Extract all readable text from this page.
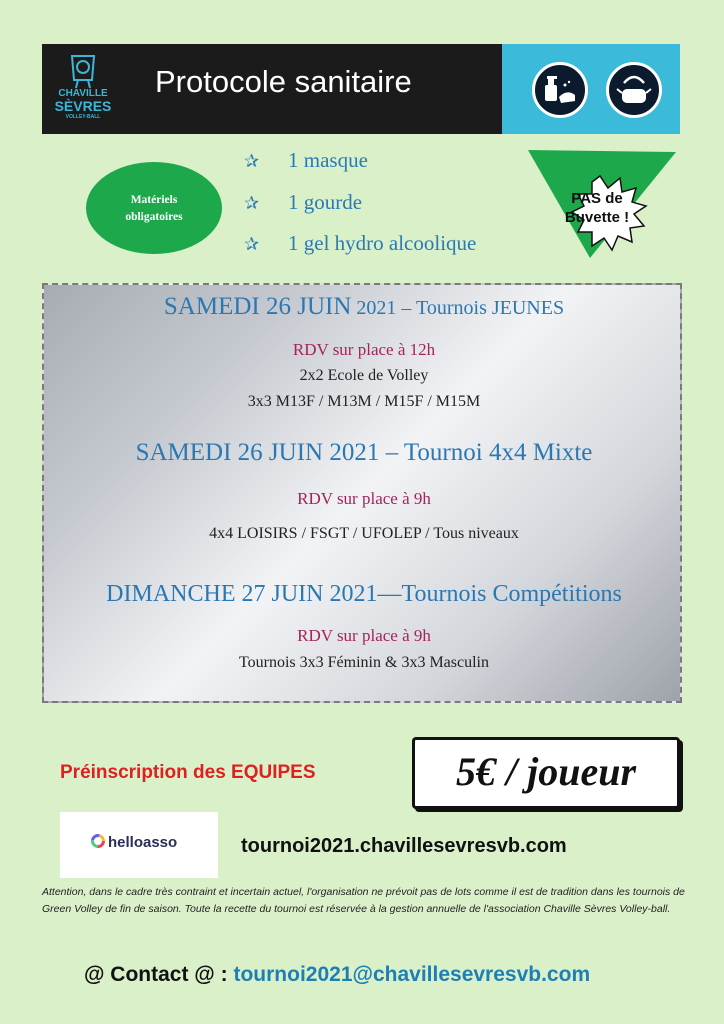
CHAVILLE
SÈVRES
VOLLEY-BALL
Protocole sanitaire
Matériels
obligatoires
✰ 1 masque
✰ 1 gourde
✰ 1 gel hydro alcoolique
PAS de
Buvette !
SAMEDI 26 JUIN 2021 – Tournois JEUNES
RDV sur place à 12h
2x2 Ecole de Volley
3x3 M13F / M13M / M15F / M15M
SAMEDI 26 JUIN 2021 – Tournoi 4x4 Mixte
RDV sur place à 9h
4x4 LOISIRS / FSGT / UFOLEP / Tous niveaux
DIMANCHE 27 JUIN 2021—Tournois Compétitions
RDV sur place à 9h
Tournois 3x3 Féminin & 3x3 Masculin
Préinscription des EQUIPES	5€ / joueur
helloasso	tournoi2021.chavillesevresvb.com
Attention, dans le cadre très contraint et incertain actuel, l'organisation ne prévoit pas de lots comme il est de tradition dans les tournois de Green Volley de fin de saison. Toute la recette du tournoi est réservée à la gestion annuelle de l'association Chaville Sèvres Volley-ball.
@ Contact @ : tournoi2021@chavillesevresvb.com
